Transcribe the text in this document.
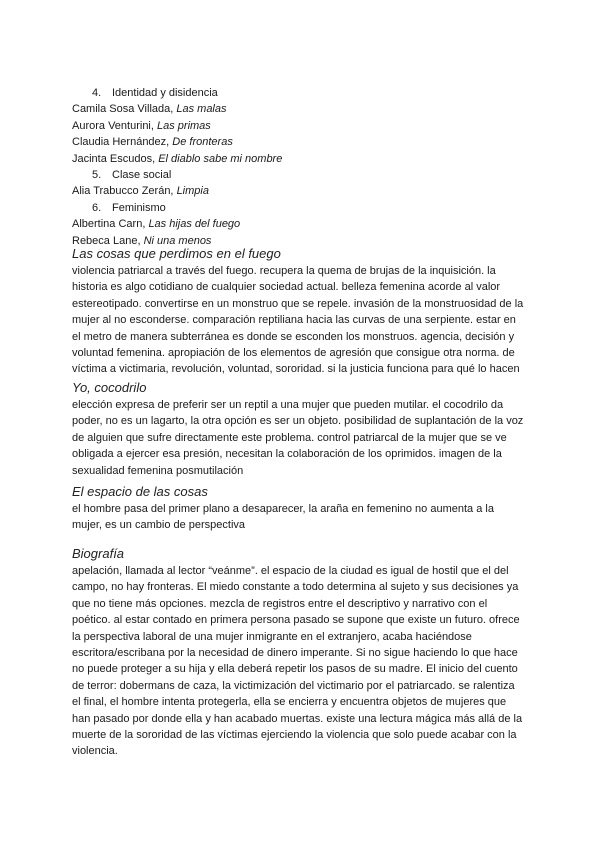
4. Identidad y disidencia
Camila Sosa Villada, Las malas
Aurora Venturini, Las primas
Claudia Hernández, De fronteras
Jacinta Escudos, El diablo sabe mi nombre
5. Clase social
Alia Trabucco Zerán, Limpia
6. Feminismo
Albertina Carn, Las hijas del fuego
Rebeca Lane, Ni una menos
Las cosas que perdimos en el fuego
violencia patriarcal a través del fuego. recupera la quema de brujas de la inquisición. la
historia es algo cotidiano de cualquier sociedad actual. belleza femenina acorde al valor
estereotipado. convertirse en un monstruo que se repele. invasión de la monstruosidad de la
mujer al no esconderse. comparación reptiliana hacia las curvas de una serpiente. estar en
el metro de manera subterránea es donde se esconden los monstruos. agencia, decisión y
voluntad femenina. apropiación de los elementos de agresión que consigue otra norma. de
víctima a victimaria, revolución, voluntad, sororidad. si la justicia funciona para qué lo hacen
Yo, cocodrilo
elección expresa de preferir ser un reptil a una mujer que pueden mutilar. el cocodrilo da
poder, no es un lagarto, la otra opción es ser un objeto. posibilidad de suplantación de la voz
de alguien que sufre directamente este problema. control patriarcal de la mujer que se ve
obligada a ejercer esa presión, necesitan la colaboración de los oprimidos. imagen de la
sexualidad femenina posmutilación
El espacio de las cosas
el hombre pasa del primer plano a desaparecer, la araña en femenino no aumenta a la
mujer, es un cambio de perspectiva
Biografía
apelación, llamada al lector “veánme”. el espacio de la ciudad es igual de hostil que el del
campo, no hay fronteras. El miedo constante a todo determina al sujeto y sus decisiones ya
que no tiene más opciones. mezcla de registros entre el descriptivo y narrativo con el
poético. al estar contado en primera persona pasado se supone que existe un futuro. ofrece
la perspectiva laboral de una mujer inmigrante en el extranjero, acaba haciéndose
escritora/escribana por la necesidad de dinero imperante. Si no sigue haciendo lo que hace
no puede proteger a su hija y ella deberá repetir los pasos de su madre. El inicio del cuento
de terror: dobermans de caza, la victimización del victimario por el patriarcado. se ralentiza
el final, el hombre intenta protegerla, ella se encierra y encuentra objetos de mujeres que
han pasado por donde ella y han acabado muertas. existe una lectura mágica más allá de la
muerte de la sororidad de las víctimas ejerciendo la violencia que solo puede acabar con la
violencia.
